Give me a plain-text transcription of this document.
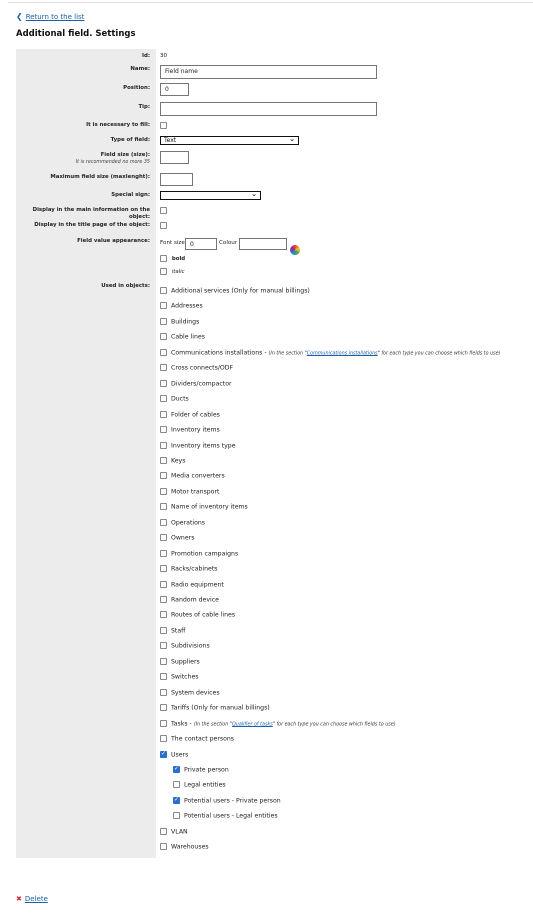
❮ Return to the list
Additional field. Settings
Id: 30
Name:	Field name
Position:	0
Tip:
It is necessary to fill:
Type of field:	Text	⌄
Field size (size):
It is recommended no more 35
Maximum field size (maxlenght):
Special sign:	⌄
Display in the main information on the object:
Display in the title page of the object:
Field value appearance: Font size 0	Colour
bold
italic
Used in objects:
Additional services (Only for manual billings)
Addresses
Buildings
Cable lines
Communications installations - (In the section "Communications installations" for each type you can choose which fields to use)
Cross connects/ODF
Dividers/compactor
Ducts
Folder of cables
Inventory items
Inventory items type
Keys
Media converters
Motor transport
Name of inventory items
Operations
Owners
Promotion campaigns
Racks/cabinets
Radio equipment
Random device
Routes of cable lines
Staff
Subdivisions
Suppliers
Switches
System devices
Tariffs (Only for manual billings)
Tasks - (In the section "Qualifier of tasks" for each type you can choose which fields to use)
The contact persons
✓Users
✓Private person
Legal entities
✓Potential users - Private person
Potential users - Legal entities
VLAN
Warehouses
✖ Delete
